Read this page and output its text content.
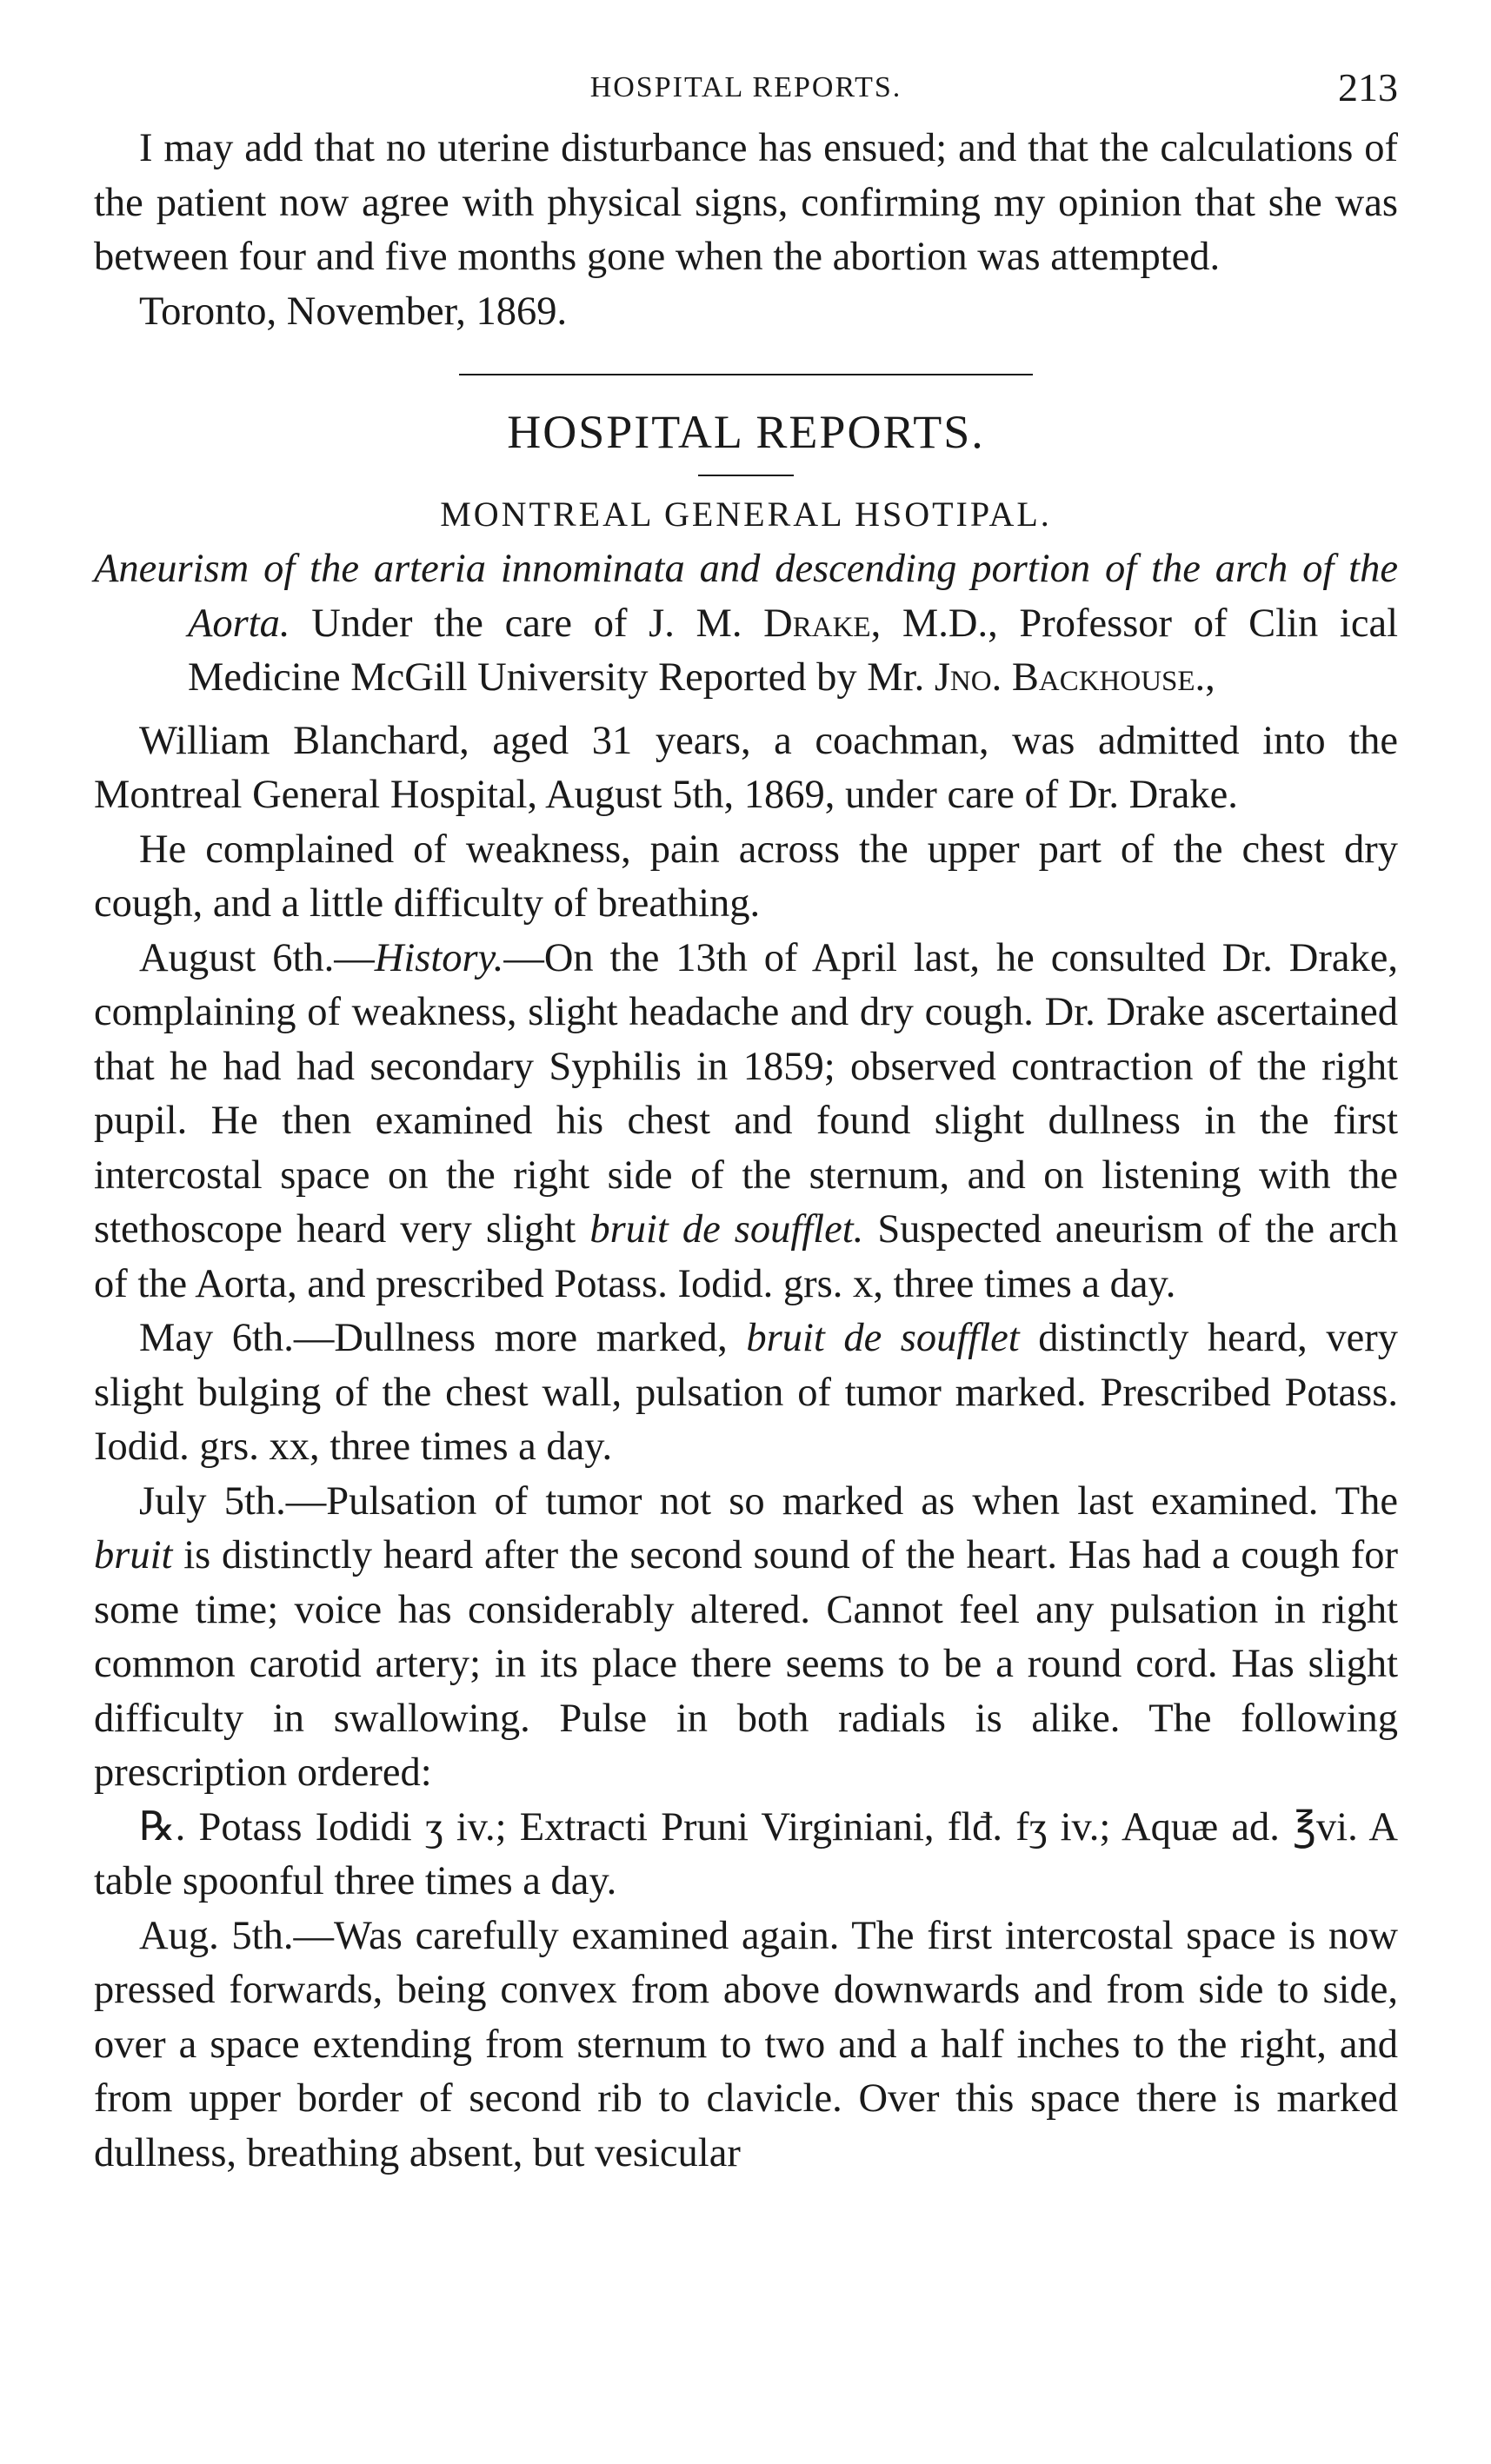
HOSPITAL REPORTS.	213

I may add that no uterine disturbance has ensued; and that the calculations of the patient now agree with physical signs, confirming my opinion that she was between four and five months gone when the abortion was attempted.

Toronto, November, 1869.

HOSPITAL REPORTS.
MONTREAL GENERAL HSOTIPAL.
Aneurism of the arteria innominata and descending portion of the arch of the Aorta. Under the care of J. M. Drake, M.D., Professor of Clin ical Medicine McGill University Reported by Mr. Jno. Backhouse.,

William Blanchard, aged 31 years, a coachman, was admitted into the Montreal General Hospital, August 5th, 1869, under care of Dr. Drake.

He complained of weakness, pain across the upper part of the chest dry cough, and a little difficulty of breathing.

August 6th.—History.—On the 13th of April last, he consulted Dr. Drake, complaining of weakness, slight headache and dry cough. Dr. Drake ascertained that he had had secondary Syphilis in 1859; observed contraction of the right pupil. He then examined his chest and found slight dullness in the first intercostal space on the right side of the sternum, and on listening with the stethoscope heard very slight bruit de soufflet. Suspected aneurism of the arch of the Aorta, and prescribed Potass. Iodid. grs. x, three times a day.

May 6th.—Dullness more marked, bruit de soufflet distinctly heard, very slight bulging of the chest wall, pulsation of tumor marked. Prescribed Potass. Iodid. grs. xx, three times a day.

July 5th.—Pulsation of tumor not so marked as when last examined. The bruit is distinctly heard after the second sound of the heart. Has had a cough for some time; voice has considerably altered. Cannot feel any pulsation in right common carotid artery; in its place there seems to be a round cord. Has slight difficulty in swallowing. Pulse in both radials is alike. The following prescription ordered:

℞. Potass Iodidi ʒ iv.; Extracti Pruni Virginiani, flđ. fʒ iv.; Aquæ ad. ℥vi. A table spoonful three times a day.

Aug. 5th.—Was carefully examined again. The first intercostal space is now pressed forwards, being convex from above downwards and from side to side, over a space extending from sternum to two and a half inches to the right, and from upper border of second rib to clavicle. Over this space there is marked dullness, breathing absent, but vesicular
